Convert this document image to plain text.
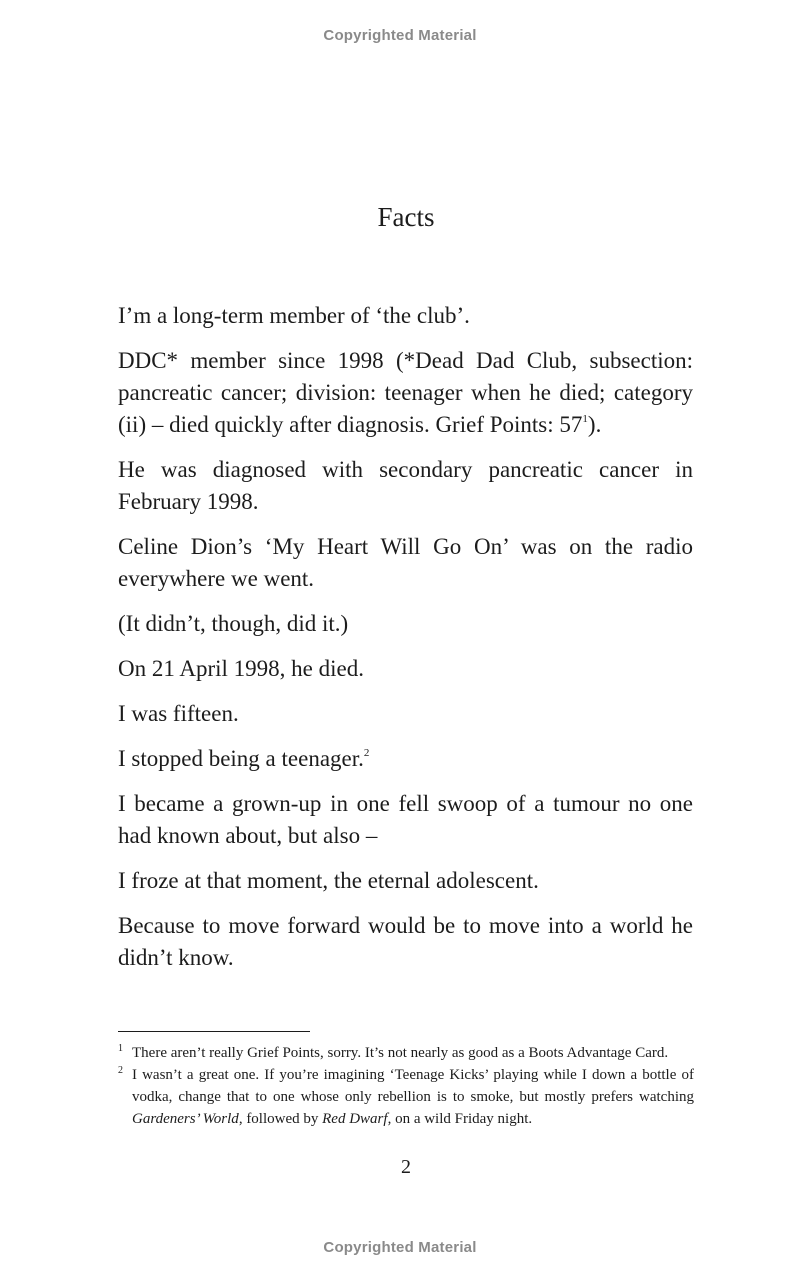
Copyrighted Material
Facts

I’m a long-term member of ‘the club’.

DDC* member since 1998 (*Dead Dad Club, subsection: pancreatic cancer; division: teenager when he died; category (ii) – died quickly after diagnosis. Grief Points: 57$^1$).

He was diagnosed with secondary pancreatic cancer in February 1998.

Celine Dion’s ‘My Heart Will Go On’ was on the radio everywhere we went.

(It didn’t, though, did it.)

On 21 April 1998, he died.

I was fifteen.

I stopped being a teenager.$^2$

I became a grown-up in one fell swoop of a tumour no one had known about, but also –

I froze at that moment, the eternal adolescent.

Because to move forward would be to move into a world he didn’t know.

1 There aren’t really Grief Points, sorry. It’s not nearly as good as a Boots Advantage Card.

2 I wasn’t a great one. If you’re imagining ‘Teenage Kicks’ playing while I down a bottle of vodka, change that to one whose only rebellion is to smoke, but mostly prefers watching Gardeners’ World, followed by Red Dwarf, on a wild Friday night.

2
Copyrighted Material
